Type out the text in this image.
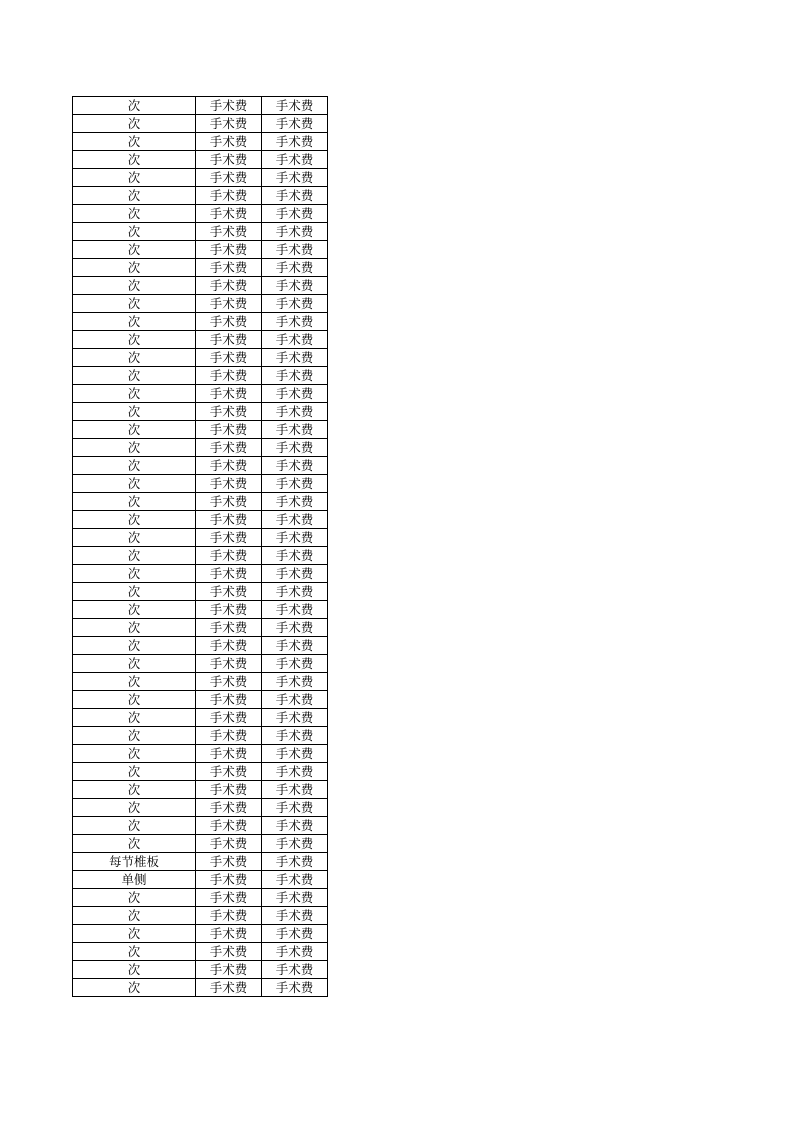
次	手术费	手术费
次	手术费	手术费
次	手术费	手术费
次	手术费	手术费
次	手术费	手术费
次	手术费	手术费
次	手术费	手术费
次	手术费	手术费
次	手术费	手术费
次	手术费	手术费
次	手术费	手术费
次	手术费	手术费
次	手术费	手术费
次	手术费	手术费
次	手术费	手术费
次	手术费	手术费
次	手术费	手术费
次	手术费	手术费
次	手术费	手术费
次	手术费	手术费
次	手术费	手术费
次	手术费	手术费
次	手术费	手术费
次	手术费	手术费
次	手术费	手术费
次	手术费	手术费
次	手术费	手术费
次	手术费	手术费
次	手术费	手术费
次	手术费	手术费
次	手术费	手术费
次	手术费	手术费
次	手术费	手术费
次	手术费	手术费
次	手术费	手术费
次	手术费	手术费
次	手术费	手术费
次	手术费	手术费
次	手术费	手术费
次	手术费	手术费
次	手术费	手术费
次	手术费	手术费
每节椎板	手术费	手术费
单侧	手术费	手术费
次	手术费	手术费
次	手术费	手术费
次	手术费	手术费
次	手术费	手术费
次	手术费	手术费
次	手术费	手术费
